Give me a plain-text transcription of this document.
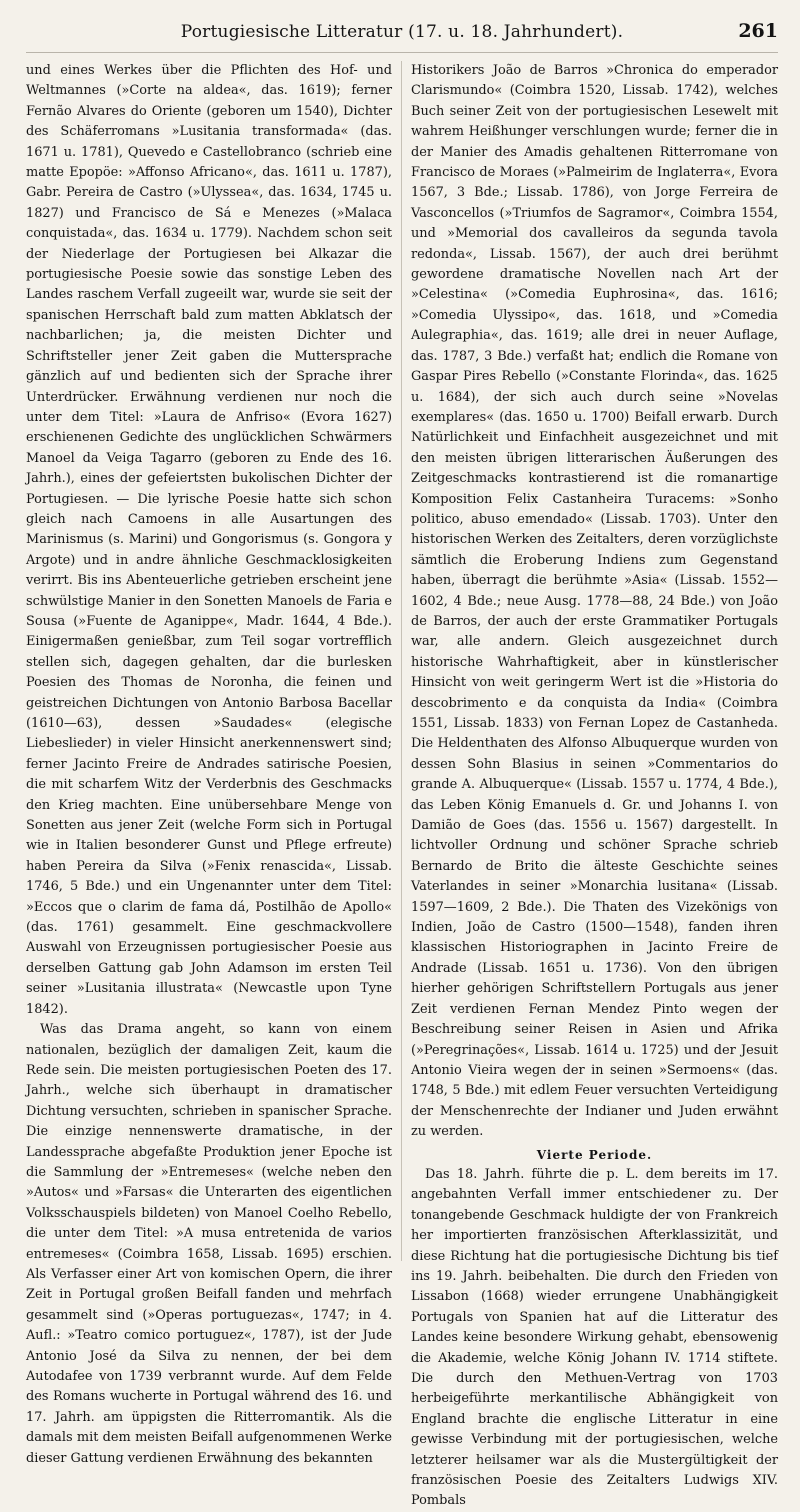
Portugiesische Litteratur (17. u. 18. Jahrhundert).	261

und eines Werkes über die Pflichten des Hof- und Weltmannes (»Corte na aldea«, das. 1619); ferner Fernão Alvares do Oriente (geboren um 1540), Dichter des Schäferromans »Lusitania transformada« (das. 1671 u. 1781), Quevedo e Castellobranco (schrieb eine matte Epopöe: »Affonso Africano«, das. 1611 u. 1787), Gabr. Pereira de Castro (»Ulyssea«, das. 1634, 1745 u. 1827) und Francisco de Sá e Menezes (»Malaca conquistada«, das. 1634 u. 1779). Nachdem schon seit der Niederlage der Portugiesen bei Alkazar die portugiesische Poesie sowie das sonstige Leben des Landes raschem Verfall zugeeilt war, wurde sie seit der spanischen Herrschaft bald zum matten Abklatsch der nachbarlichen; ja, die meisten Dichter und Schriftsteller jener Zeit gaben die Muttersprache gänzlich auf und bedienten sich der Sprache ihrer Unterdrücker. Erwähnung verdienen nur noch die unter dem Titel: »Laura de Anfriso« (Evora 1627) erschienenen Gedichte des unglücklichen Schwärmers Manoel da Veiga Tagarro (geboren zu Ende des 16. Jahrh.), eines der gefeiertsten bukolischen Dichter der Portugiesen. — Die lyrische Poesie hatte sich schon gleich nach Camoens in alle Ausartungen des Marinismus (s. Marini) und Gongorismus (s. Gongora y Argote) und in andre ähnliche Geschmacklosigkeiten verirrt. Bis ins Abenteuerliche getrieben erscheint jene schwülstige Manier in den Sonetten Manoels de Faria e Sousa (»Fuente de Aganippe«, Madr. 1644, 4 Bde.). Einigermaßen genießbar, zum Teil sogar vortrefflich stellen sich, dagegen gehalten, dar die burlesken Poesien des Thomas de Noronha, die feinen und geistreichen Dichtungen von Antonio Barbosa Bacellar (1610—63), dessen »Saudades« (elegische Liebeslieder) in vieler Hinsicht anerkennenswert sind; ferner Jacinto Freire de Andrades satirische Poesien, die mit scharfem Witz der Verderbnis des Geschmacks den Krieg machten. Eine unübersehbare Menge von Sonetten aus jener Zeit (welche Form sich in Portugal wie in Italien besonderer Gunst und Pflege erfreute) haben Pereira da Silva (»Fenix renascida«, Lissab. 1746, 5 Bde.) und ein Ungenannter unter dem Titel: »Eccos que o clarim de fama dá, Postilhão de Apollo« (das. 1761) gesammelt. Eine geschmackvollere Auswahl von Erzeugnissen portugiesischer Poesie aus derselben Gattung gab John Adamson im ersten Teil seiner »Lusitania illustrata« (Newcastle upon Tyne 1842).

Was das Drama angeht, so kann von einem nationalen, bezüglich der damaligen Zeit, kaum die Rede sein. Die meisten portugiesischen Poeten des 17. Jahrh., welche sich überhaupt in dramatischer Dichtung versuchten, schrieben in spanischer Sprache. Die einzige nennenswerte dramatische, in der Landessprache abgefaßte Produktion jener Epoche ist die Sammlung der »Entremeses« (welche neben den »Autos« und »Farsas« die Unterarten des eigentlichen Volksschauspiels bildeten) von Manoel Coelho Rebello, die unter dem Titel: »A musa entretenida de varios entremeses« (Coimbra 1658, Lissab. 1695) erschien. Als Verfasser einer Art von komischen Opern, die ihrer Zeit in Portugal großen Beifall fanden und mehrfach gesammelt sind (»Operas portuguezas«, 1747; in 4. Aufl.: »Teatro comico portuguez«, 1787), ist der Jude Antonio José da Silva zu nennen, der bei dem Autodafee von 1739 verbrannt wurde. Auf dem Felde des Romans wucherte in Portugal während des 16. und 17. Jahrh. am üppigsten die Ritterromantik. Als die damals mit dem meisten Beifall aufgenommenen Werke dieser Gattung verdienen Erwähnung des bekannten

Historikers João de Barros »Chronica do emperador Clarismundo« (Coimbra 1520, Lissab. 1742), welches Buch seiner Zeit von der portugiesischen Lesewelt mit wahrem Heißhunger verschlungen wurde; ferner die in der Manier des Amadis gehaltenen Ritterromane von Francisco de Moraes (»Palmeirim de Inglaterra«, Evora 1567, 3 Bde.; Lissab. 1786), von Jorge Ferreira de Vasconcellos (»Triumfos de Sagramor«, Coimbra 1554, und »Memorial dos cavalleiros da segunda tavola redonda«, Lissab. 1567), der auch drei berühmt gewordene dramatische Novellen nach Art der »Celestina« (»Comedia Euphrosina«, das. 1616; »Comedia Ulyssipo«, das. 1618, und »Comedia Aulegraphia«, das. 1619; alle drei in neuer Auflage, das. 1787, 3 Bde.) verfaßt hat; endlich die Romane von Gaspar Pires Rebello (»Constante Florinda«, das. 1625 u. 1684), der sich auch durch seine »Novelas exemplares« (das. 1650 u. 1700) Beifall erwarb. Durch Natürlichkeit und Einfachheit ausgezeichnet und mit den meisten übrigen litterarischen Äußerungen des Zeitgeschmacks kontrastierend ist die romanartige Komposition Felix Castanheira Turacems: »Sonho politico, abuso emendado« (Lissab. 1703). Unter den historischen Werken des Zeitalters, deren vorzüglichste sämtlich die Eroberung Indiens zum Gegenstand haben, überragt die berühmte »Asia« (Lissab. 1552—1602, 4 Bde.; neue Ausg. 1778—88, 24 Bde.) von João de Barros, der auch der erste Grammatiker Portugals war, alle andern. Gleich ausgezeichnet durch historische Wahrhaftigkeit, aber in künstlerischer Hinsicht von weit geringerm Wert ist die »Historia do descobrimento e da conquista da India« (Coimbra 1551, Lissab. 1833) von Fernan Lopez de Castanheda. Die Heldenthaten des Alfonso Albuquerque wurden von dessen Sohn Blasius in seinen »Commentarios do grande A. Albuquerque« (Lissab. 1557 u. 1774, 4 Bde.), das Leben König Emanuels d. Gr. und Johanns I. von Damião de Goes (das. 1556 u. 1567) dargestellt. In lichtvoller Ordnung und schöner Sprache schrieb Bernardo de Brito die älteste Geschichte seines Vaterlandes in seiner »Monarchia lusitana« (Lissab. 1597—1609, 2 Bde.). Die Thaten des Vizekönigs von Indien, João de Castro (1500—1548), fanden ihren klassischen Historiographen in Jacinto Freire de Andrade (Lissab. 1651 u. 1736). Von den übrigen hierher gehörigen Schriftstellern Portugals aus jener Zeit verdienen Fernan Mendez Pinto wegen der Beschreibung seiner Reisen in Asien und Afrika (»Peregrinações«, Lissab. 1614 u. 1725) und der Jesuit Antonio Vieira wegen der in seinen »Sermoens« (das. 1748, 5 Bde.) mit edlem Feuer versuchten Verteidigung der Menschenrechte der Indianer und Juden erwähnt zu werden.

Vierte Periode.

Das 18. Jahrh. führte die p. L. dem bereits im 17. angebahnten Verfall immer entschiedener zu. Der tonangebende Geschmack huldigte der von Frankreich her importierten französischen Afterklassizität, und diese Richtung hat die portugiesische Dichtung bis tief ins 19. Jahrh. beibehalten. Die durch den Frieden von Lissabon (1668) wieder errungene Unabhängigkeit Portugals von Spanien hat auf die Litteratur des Landes keine besondere Wirkung gehabt, ebensowenig die Akademie, welche König Johann IV. 1714 stiftete. Die durch den Methuen-Vertrag von 1703 herbeigeführte merkantilische Abhängigkeit von England brachte die englische Litteratur in eine gewisse Verbindung mit der portugiesischen, welche letzterer heilsamer war als die Mustergültigkeit der französischen Poesie des Zeitalters Ludwigs XIV. Pombals
